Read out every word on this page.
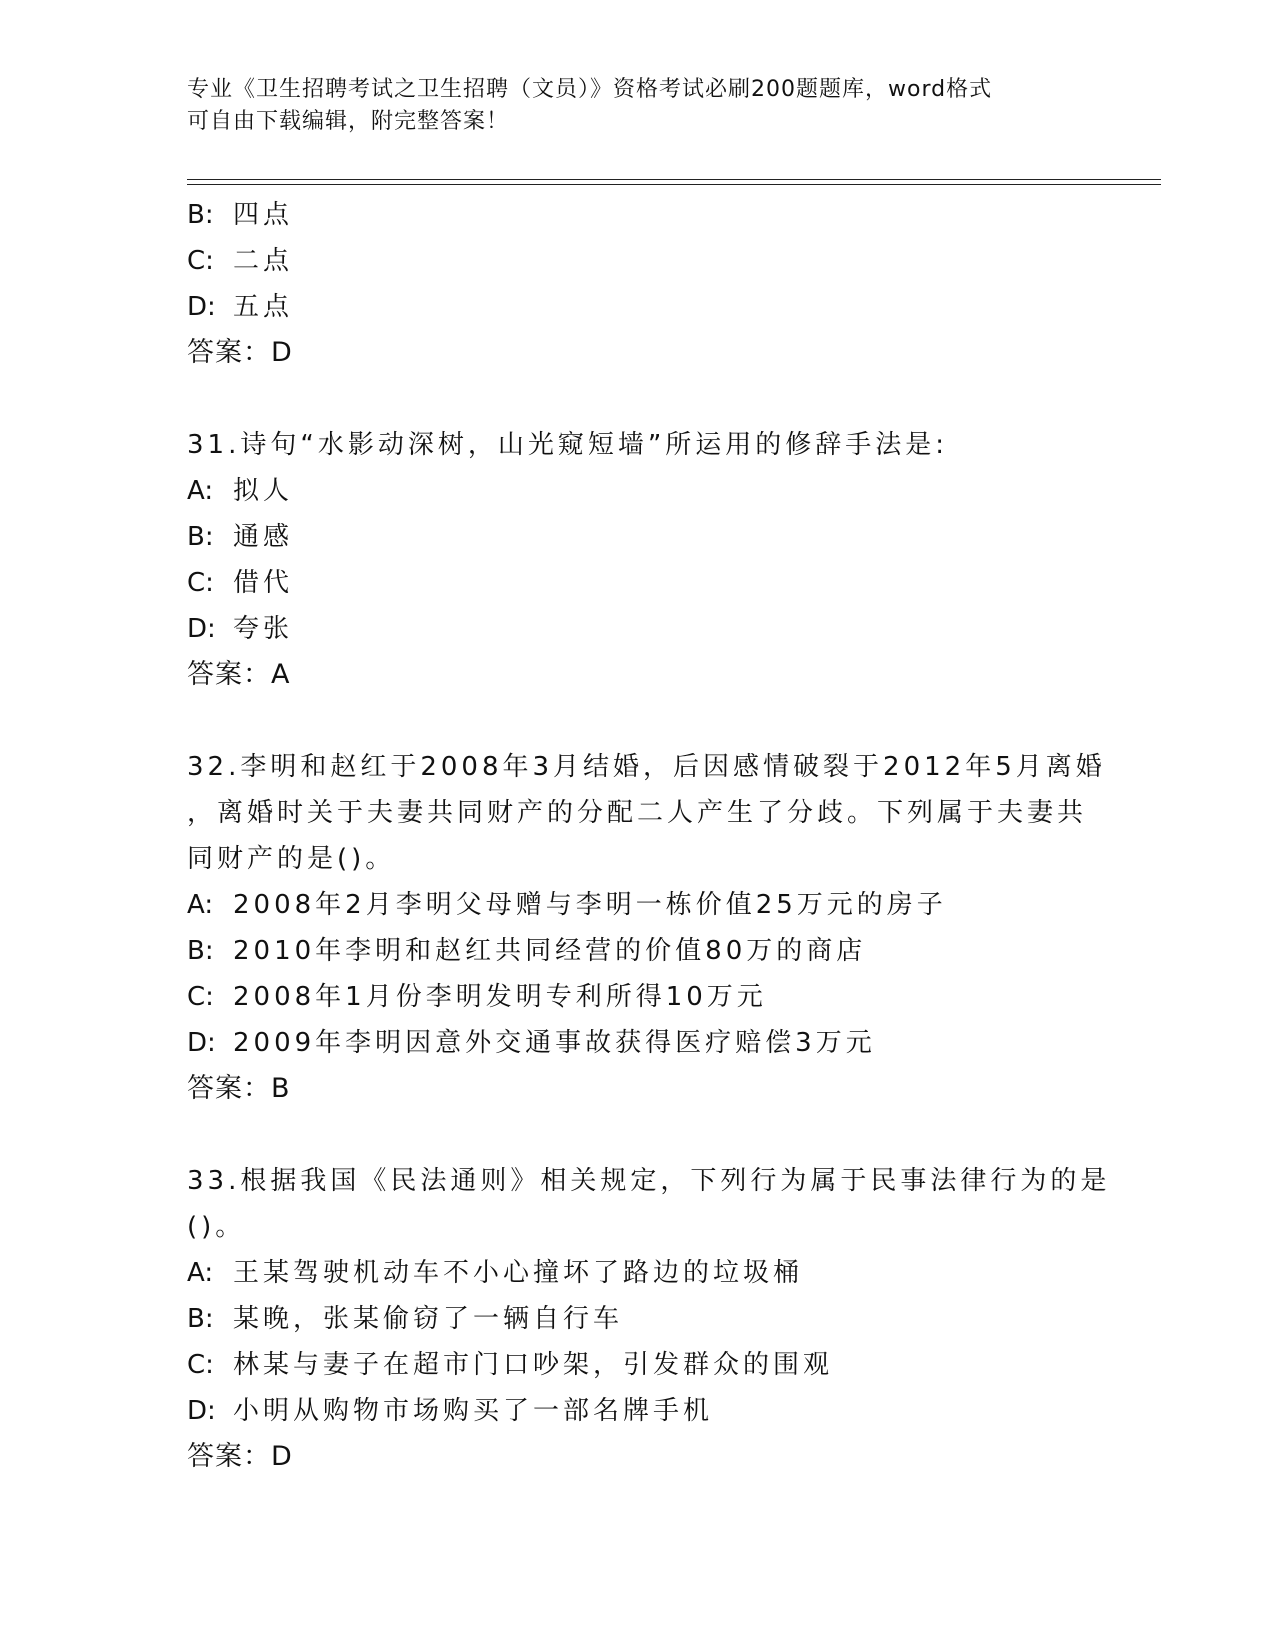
专业《卫生招聘考试之卫生招聘（文员）》资格考试必刷200题题库，word格式
可自由下载编辑，附完整答案！
B: 四点
C: 二点
D: 五点
答案：D
31.诗句“水影动深树，山光窥短墙”所运用的修辞手法是:
A: 拟人
B: 通感
C: 借代
D: 夸张
答案：A
32.李明和赵红于2008年3月结婚，后因感情破裂于2012年5月离婚
，离婚时关于夫妻共同财产的分配二人产生了分歧。下列属于夫妻共
同财产的是()。
A: 2008年2月李明父母赠与李明一栋价值25万元的房子
B: 2010年李明和赵红共同经营的价值80万的商店
C: 2008年1月份李明发明专利所得10万元
D: 2009年李明因意外交通事故获得医疗赔偿3万元
答案：B
33.根据我国《民法通则》相关规定，下列行为属于民事法律行为的是
()。
A: 王某驾驶机动车不小心撞坏了路边的垃圾桶
B: 某晚，张某偷窃了一辆自行车
C: 林某与妻子在超市门口吵架，引发群众的围观
D: 小明从购物市场购买了一部名牌手机
答案：D
